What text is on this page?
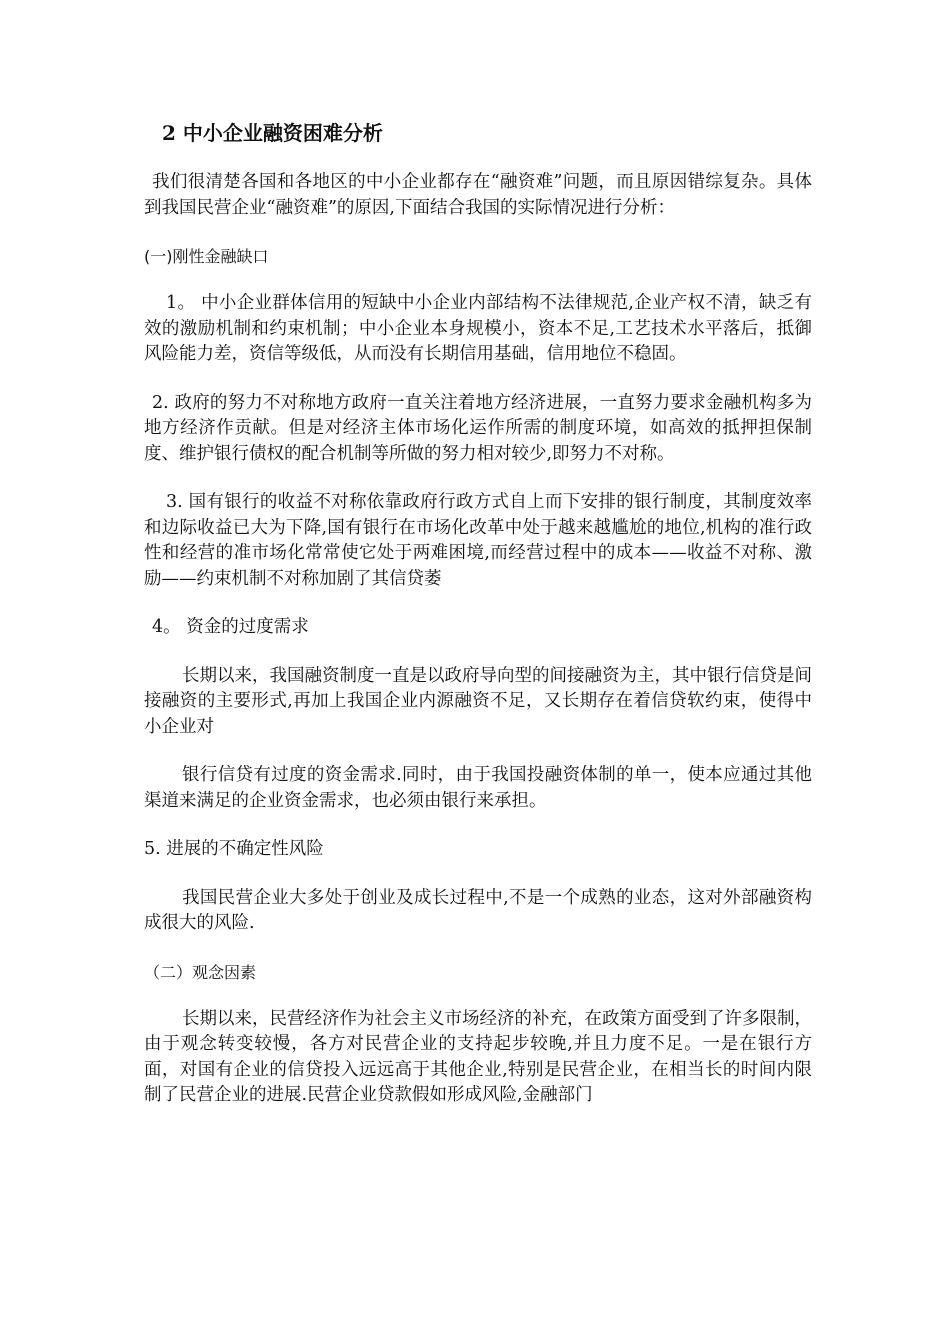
2 中小企业融资困难分析

我们很清楚各国和各地区的中小企业都存在“融资难”问题，而且原因错综复杂。具体到我国民营企业“融资难”的原因,下面结合我国的实际情况进行分析：

(一)刚性金融缺口

1。 中小企业群体信用的短缺中小企业内部结构不法律规范,企业产权不清，缺乏有效的激励机制和约束机制；中小企业本身规模小，资本不足,工艺技术水平落后，抵御风险能力差，资信等级低，从而没有长期信用基础，信用地位不稳固。

2. 政府的努力不对称地方政府一直关注着地方经济进展，一直努力要求金融机构多为地方经济作贡献。但是对经济主体市场化运作所需的制度环境，如高效的抵押担保制度、维护银行债权的配合机制等所做的努力相对较少,即努力不对称。

3. 国有银行的收益不对称依靠政府行政方式自上而下安排的银行制度，其制度效率和边际收益已大为下降,国有银行在市场化改革中处于越来越尴尬的地位,机构的准行政性和经营的准市场化常常使它处于两难困境,而经营过程中的成本——收益不对称、激励——约束机制不对称加剧了其信贷萎

4。 资金的过度需求

长期以来，我国融资制度一直是以政府导向型的间接融资为主，其中银行信贷是间接融资的主要形式,再加上我国企业内源融资不足，又长期存在着信贷软约束，使得中小企业对

银行信贷有过度的资金需求.同时，由于我国投融资体制的单一，使本应通过其他渠道来满足的企业资金需求，也必须由银行来承担。

5. 进展的不确定性风险

我国民营企业大多处于创业及成长过程中,不是一个成熟的业态，这对外部融资构成很大的风险.

（二）观念因素

长期以来，民营经济作为社会主义市场经济的补充，在政策方面受到了许多限制，由于观念转变较慢，各方对民营企业的支持起步较晚,并且力度不足。一是在银行方面，对国有企业的信贷投入远远高于其他企业,特别是民营企业，在相当长的时间内限制了民营企业的进展.民营企业贷款假如形成风险,金融部门
